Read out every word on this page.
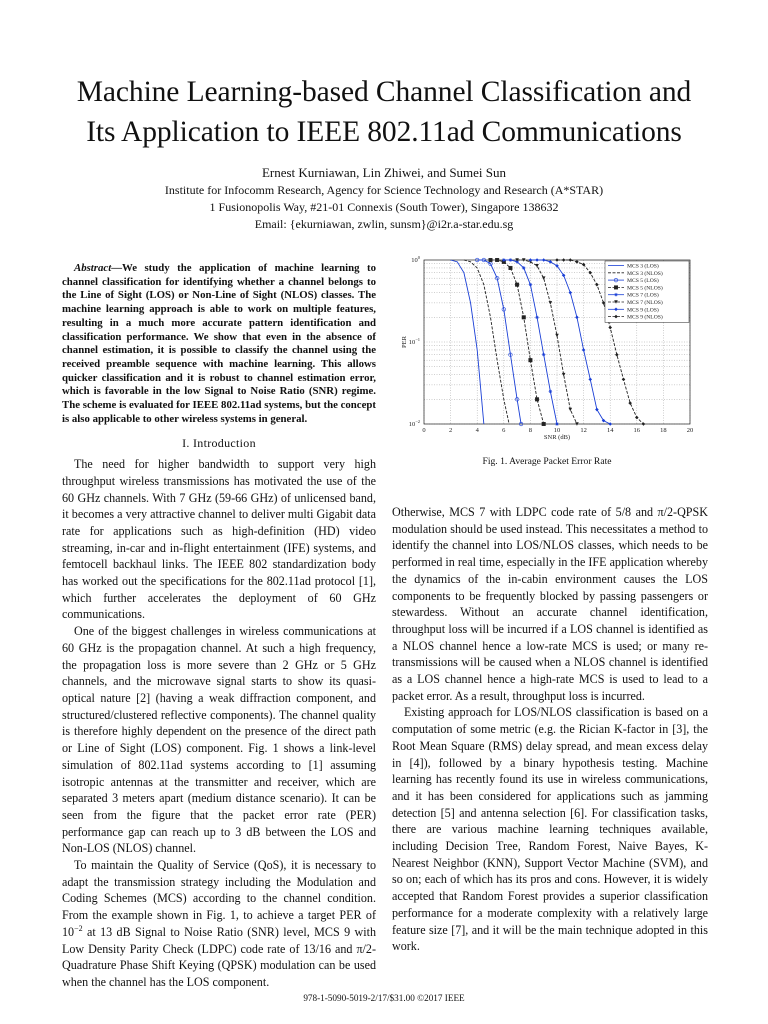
Machine Learning-based Channel Classification and
Its Application to IEEE 802.11ad Communications
Ernest Kurniawan, Lin Zhiwei, and Sumei Sun
Institute for Infocomm Research, Agency for Science Technology and Research (A*STAR)
1 Fusionopolis Way, #21-01 Connexis (South Tower), Singapore 138632
Email: {ekurniawan, zwlin, sunsm}@i2r.a-star.edu.sg

Abstract—We study the application of machine learning to channel classification for identifying whether a channel belongs to the Line of Sight (LOS) or Non-Line of Sight (NLOS) classes. The machine learning approach is able to work on multiple features, resulting in a much more accurate pattern identification and classification performance. We show that even in the absence of channel estimation, it is possible to classify the channel using the received preamble sequence with machine learning. This allows quicker classification and it is robust to channel estimation error, which is favorable in the low Signal to Noise Ratio (SNR) regime. The scheme is evaluated for IEEE 802.11ad systems, but the concept is also applicable to other wireless systems in general.

I. Introduction

The need for higher bandwidth to support very high throughput wireless transmissions has motivated the use of the 60 GHz channels. With 7 GHz (59-66 GHz) of unlicensed band, it becomes a very attractive channel to deliver multi Gigabit data rate for applications such as high-definition (HD) video streaming, in-car and in-flight entertainment (IFE) systems, and femtocell backhaul links. The IEEE 802 standardization body has worked out the specifications for the 802.11ad protocol [1], which further accelerates the deployment of 60 GHz communications.

One of the biggest challenges in wireless communications at 60 GHz is the propagation channel. At such a high frequency, the propagation loss is more severe than 2 GHz or 5 GHz channels, and the microwave signal starts to show its quasi-optical nature [2] (having a weak diffraction component, and structured/clustered reflective components). The channel quality is therefore highly dependent on the presence of the direct path or Line of Sight (LOS) component. Fig. 1 shows a link-level simulation of 802.11ad systems according to [1] assuming isotropic antennas at the transmitter and receiver, which are separated 3 meters apart (medium distance scenario). It can be seen from the figure that the packet error rate (PER) performance gap can reach up to 3 dB between the LOS and Non-LOS (NLOS) channel.

To maintain the Quality of Service (QoS), it is necessary to adapt the transmission strategy including the Modulation and Coding Schemes (MCS) according to the channel condition. From the example shown in Fig. 1, to achieve a target PER of $10^{-2}$ at 13 dB Signal to Noise Ratio (SNR) level, MCS 9 with Low Density Parity Check (LDPC) code rate of 13/16 and π/2-Quadrature Phase Shift Keying (QPSK) modulation can be used when the channel has the LOS component.

0	2	4	6	8	10	12	14	16	18	20
$10^0$
$10^{-1}$
$10^{-2}$
SNR (dB)
PER
MCS 3 (LOS)
MCS 3 (NLOS)
MCS 5 (LOS)
MCS 5 (NLOS)
MCS 7 (LOS)
MCS 7 (NLOS)
MCS 9 (LOS)
MCS 9 (NLOS)
Fig. 1. Average Packet Error Rate

Otherwise, MCS 7 with LDPC code rate of 5/8 and π/2-QPSK modulation should be used instead. This necessitates a method to identify the channel into LOS/NLOS classes, which needs to be performed in real time, especially in the IFE application whereby the dynamics of the in-cabin environment causes the LOS components to be frequently blocked by passing passengers or stewardess. Without an accurate channel identification, throughput loss will be incurred if a LOS channel is identified as a NLOS channel hence a low-rate MCS is used; or many re-transmissions will be caused when a NLOS channel is identified as a LOS channel hence a high-rate MCS is used to lead to a packet error. As a result, throughput loss is incurred.

Existing approach for LOS/NLOS classification is based on a computation of some metric (e.g. the Rician K-factor in [3], the Root Mean Square (RMS) delay spread, and mean excess delay in [4]), followed by a binary hypothesis testing. Machine learning has recently found its use in wireless communications, and it has been considered for applications such as jamming detection [5] and antenna selection [6]. For classification tasks, there are various machine learning techniques available, including Decision Tree, Random Forest, Naive Bayes, K-Nearest Neighbor (KNN), Support Vector Machine (SVM), and so on; each of which has its pros and cons. However, it is widely accepted that Random Forest provides a superior classification performance for a moderate complexity with a relatively large feature size [7], and it will be the main technique adopted in this work.

978-1-5090-5019-2/17/$31.00 ©2017 IEEE
